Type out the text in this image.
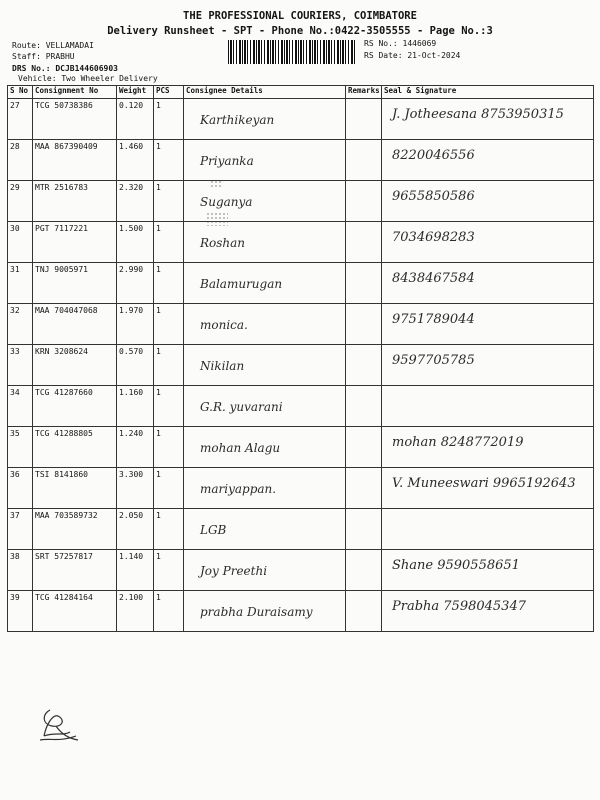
THE PROFESSIONAL COURIERS, COIMBATORE
Delivery Runsheet - SPT - Phone No.:0422-3505555 - Page No.:3
Route: VELLAMADAI
Staff: PRABHU
DRS No.: DCJB144606903
Vehicle: Two Wheeler Delivery
RS No.: 1446069
RS Date: 21-Oct-2024
S No	Consignment No	Weight	PCS	Consignee Details	Remarks	Seal & Signature

27	TCG 50738386	0.120	1	Karthikeyan		J. Jotheesana 8753950315

28	MAA 867390409	1.460	1	Priyanka		8220046556

29	MTR 2516783	2.320	1	Suganya		9655850586

30	PGT 7117221	1.500	1	Roshan		7034698283

31	TNJ 9005971	2.990	1	Balamurugan		8438467584

32	MAA 704047068	1.970	1	monica.		9751789044

33	KRN 3208624	0.570	1	Nikilan		9597705785

34	TCG 41287660	1.160	1	G.R. yuvarani		

35	TCG 41288805	1.240	1	mohan Alagu		mohan 8248772019

36	TSI 8141860	3.300	1	mariyappan.		V. Muneeswari 9965192643

37	MAA 703589732	2.050	1	LGB		

38	SRT 57257817	1.140	1	Joy Preethi		Shane 9590558651

39	TCG 41284164	2.100	1	prabha Duraisamy		Prabha 7598045347
